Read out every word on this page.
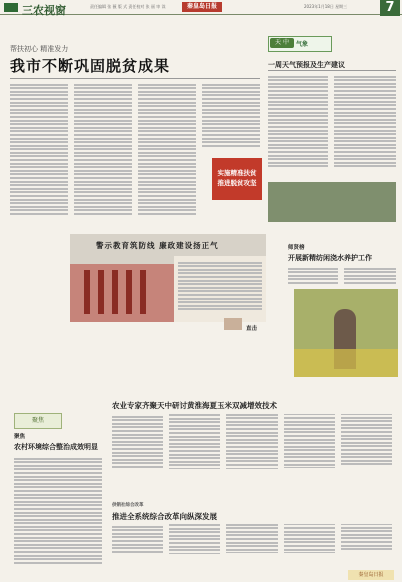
三农视窗	责任编辑 张 薇 版 式 责任校对 张 丽 审 读	秦皇岛日报	2023年1月18日 星期三	7
帮扶初心 精准发力
我市不断巩固脱贫成果
实施精准扶贫
推进脱贫攻坚
天 中	气象
一周天气预报及生产建议
警示教育筑防线 廉政建设扬正气
直击
师贤榜
开展新精纺闲浇水养护工作
聚焦
聚焦
农村环境综合整治成效明显
农业专家齐聚天中研讨黄淮海夏玉米双减增效技术
供销社综合改革
推进全系统综合改革向纵深发展
秦皇岛日报
